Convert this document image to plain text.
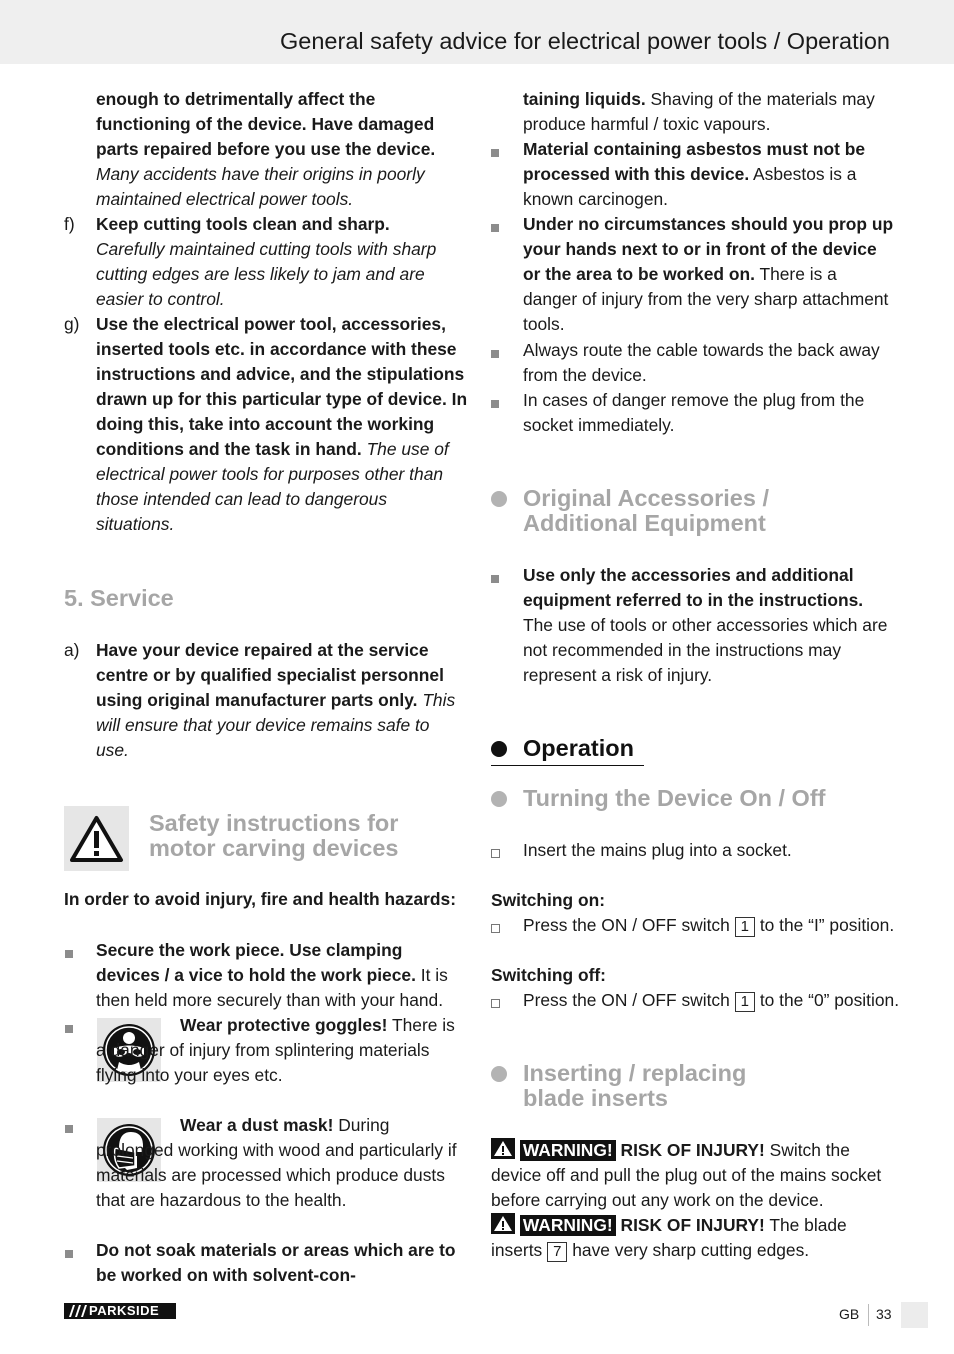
General safety advice for electrical power tools / Operation

enough to detrimentally affect the functioning of the device. Have damaged parts repaired before you use the device. Many accidents have their origins in poorly maintained electrical power tools.

f) Keep cutting tools clean and sharp. Carefully maintained cutting tools with sharp cutting edges are less likely to jam and are easier to control.

g) Use the electrical power tool, accessories, inserted tools etc. in accordance with these instructions and advice, and the stipulations drawn up for this particular type of device. In doing this, take into account the working conditions and the task in hand. The use of electrical power tools for purposes other than those intended can lead to dangerous situations.

5. Service
a) Have your device repaired at the service centre or by qualified specialist personnel using original manufacturer parts only. This will ensure that your device remains safe to use.

Safety instructions for motor carving devices

In order to avoid injury, fire and health hazards:

Secure the work piece. Use clamping devices / a vice to hold the work piece. It is then held more securely than with your hand.

Wear protective goggles! There is a danger of injury from splintering materials flying into your eyes etc.

Wear a dust mask! During prolonged working with wood and particularly if materials are processed which produce dusts that are hazardous to the health.

Do not soak materials or areas which are to be worked on with solvent-con-

taining liquids. Shaving of the materials may produce harmful / toxic vapours.

Material containing asbestos must not be processed with this device. Asbestos is a known carcinogen.

Under no circumstances should you prop up your hands next to or in front of the device or the area to be worked on. There is a danger of injury from the very sharp attachment tools.

Always route the cable towards the back away from the device.

In cases of danger remove the plug from the socket immediately.

Original Accessories / Additional Equipment

Use only the accessories and additional equipment referred to in the instructions. The use of tools or other accessories which are not recommended in the instructions may represent a risk of injury.

Operation
Turning the Device On / Off

Insert the mains plug into a socket.

Switching on:

Press the ON / OFF switch 1 to the “I” position.

Switching off:

Press the ON / OFF switch 1 to the “0” position.

Inserting / replacing blade inserts

WARNING! RISK OF INJURY! Switch the device off and pull the plug out of the mains socket before carrying out any work on the device.

WARNING! RISK OF INJURY! The blade inserts 7 have very sharp cutting edges.

PARKSIDE	GB 33
